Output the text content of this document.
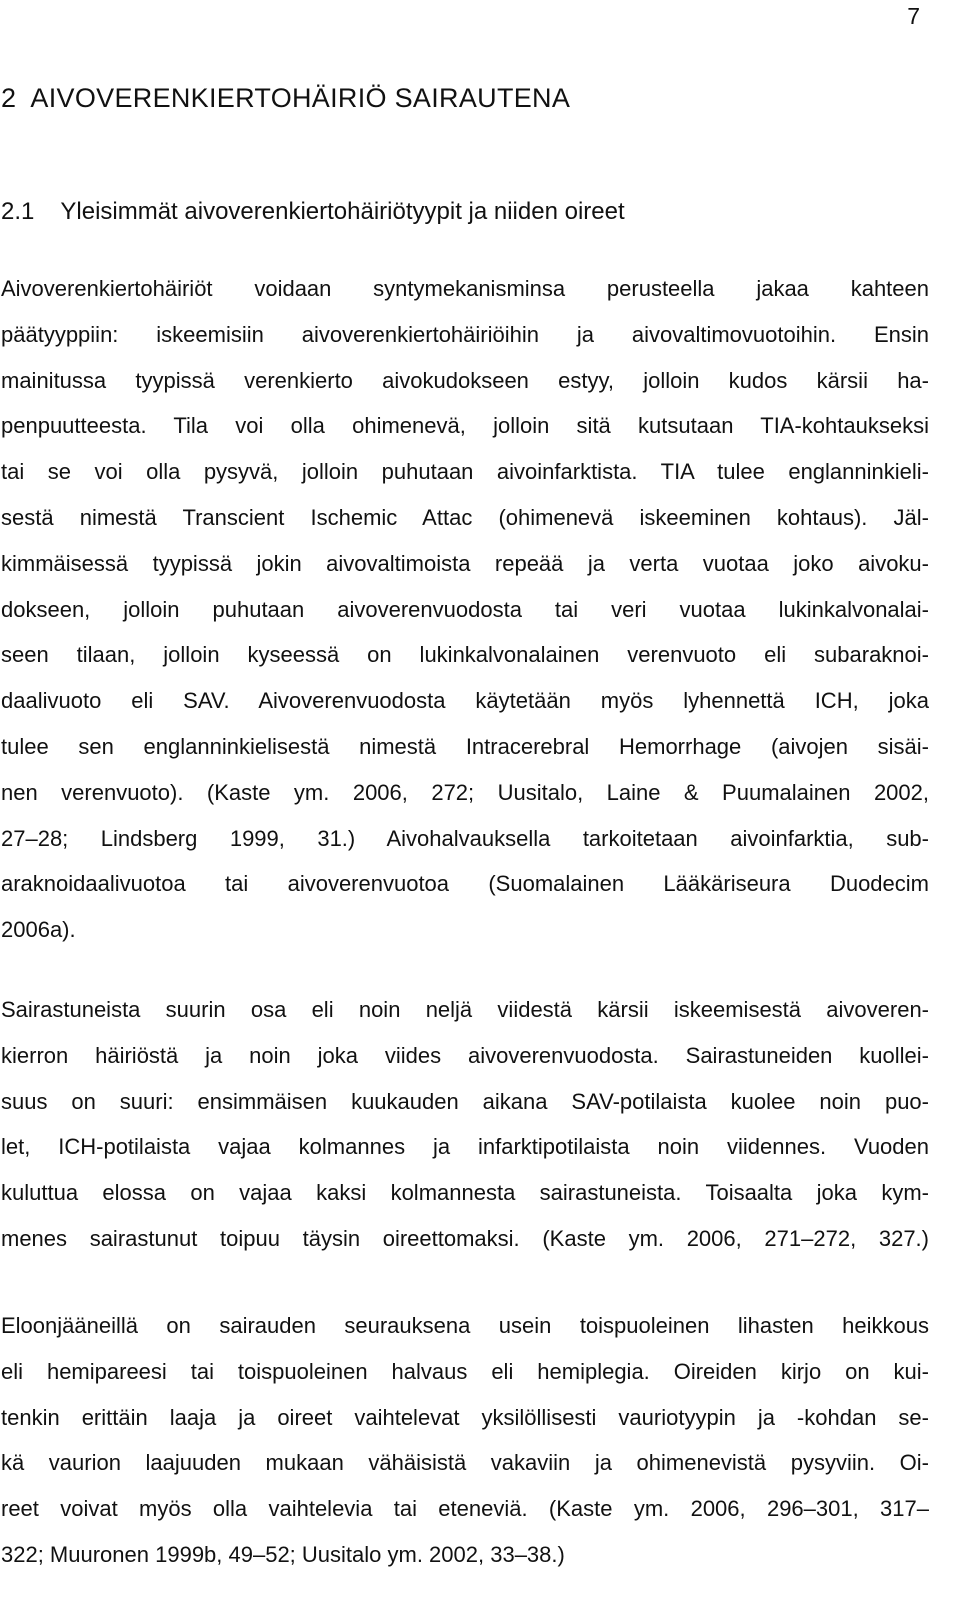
7
2  AIVOVERENKIERTOHÄIRIÖ SAIRAUTENA
2.1 Yleisimmät aivoverenkiertohäiriötyypit ja niiden oireet
Aivoverenkiertohäiriöt voidaan syntymekanisminsa perusteella jakaa kahteen
päätyyppiin: iskeemisiin aivoverenkiertohäiriöihin ja aivovaltimovuotoihin. Ensin
mainitussa tyypissä verenkierto aivokudokseen estyy, jolloin kudos kärsii ha-
penpuutteesta. Tila voi olla ohimenevä, jolloin sitä kutsutaan TIA-kohtaukseksi
tai se voi olla pysyvä, jolloin puhutaan aivoinfarktista. TIA tulee englanninkieli-
sestä nimestä Transcient Ischemic Attac (ohimenevä iskeeminen kohtaus). Jäl-
kimmäisessä tyypissä jokin aivovaltimoista repeää ja verta vuotaa joko aivoku-
dokseen, jolloin puhutaan aivoverenvuodosta tai veri vuotaa lukinkalvonalai-
seen tilaan, jolloin kyseessä on lukinkalvonalainen verenvuoto eli subaraknoi-
daalivuoto eli SAV. Aivoverenvuodosta käytetään myös lyhennettä ICH, joka
tulee sen englanninkielisestä nimestä Intracerebral Hemorrhage (aivojen sisäi-
nen verenvuoto). (Kaste ym. 2006, 272; Uusitalo, Laine & Puumalainen 2002,
27–28; Lindsberg 1999, 31.) Aivohalvauksella tarkoitetaan aivoinfarktia, sub-
araknoidaalivuotoa tai aivoverenvuotoa (Suomalainen Lääkäriseura Duodecim
2006a).
Sairastuneista suurin osa eli noin neljä viidestä kärsii iskeemisestä aivoveren-
kierron häiriöstä ja noin joka viides aivoverenvuodosta. Sairastuneiden kuollei-
suus on suuri: ensimmäisen kuukauden aikana SAV-potilaista kuolee noin puo-
let, ICH-potilaista vajaa kolmannes ja infarktipotilaista noin viidennes. Vuoden
kuluttua elossa on vajaa kaksi kolmannesta sairastuneista. Toisaalta joka kym-
menes sairastunut toipuu täysin oireettomaksi. (Kaste ym. 2006, 271–272, 327.)
Eloonjääneillä on sairauden seurauksena usein toispuoleinen lihasten heikkous
eli hemipareesi tai toispuoleinen halvaus eli hemiplegia. Oireiden kirjo on kui-
tenkin erittäin laaja ja oireet vaihtelevat yksilöllisesti vauriotyypin ja -kohdan se-
kä vaurion laajuuden mukaan vähäisistä vakaviin ja ohimenevistä pysyviin. Oi-
reet voivat myös olla vaihtelevia tai eteneviä. (Kaste ym. 2006, 296–301, 317–
322; Muuronen 1999b, 49–52; Uusitalo ym. 2002, 33–38.)
